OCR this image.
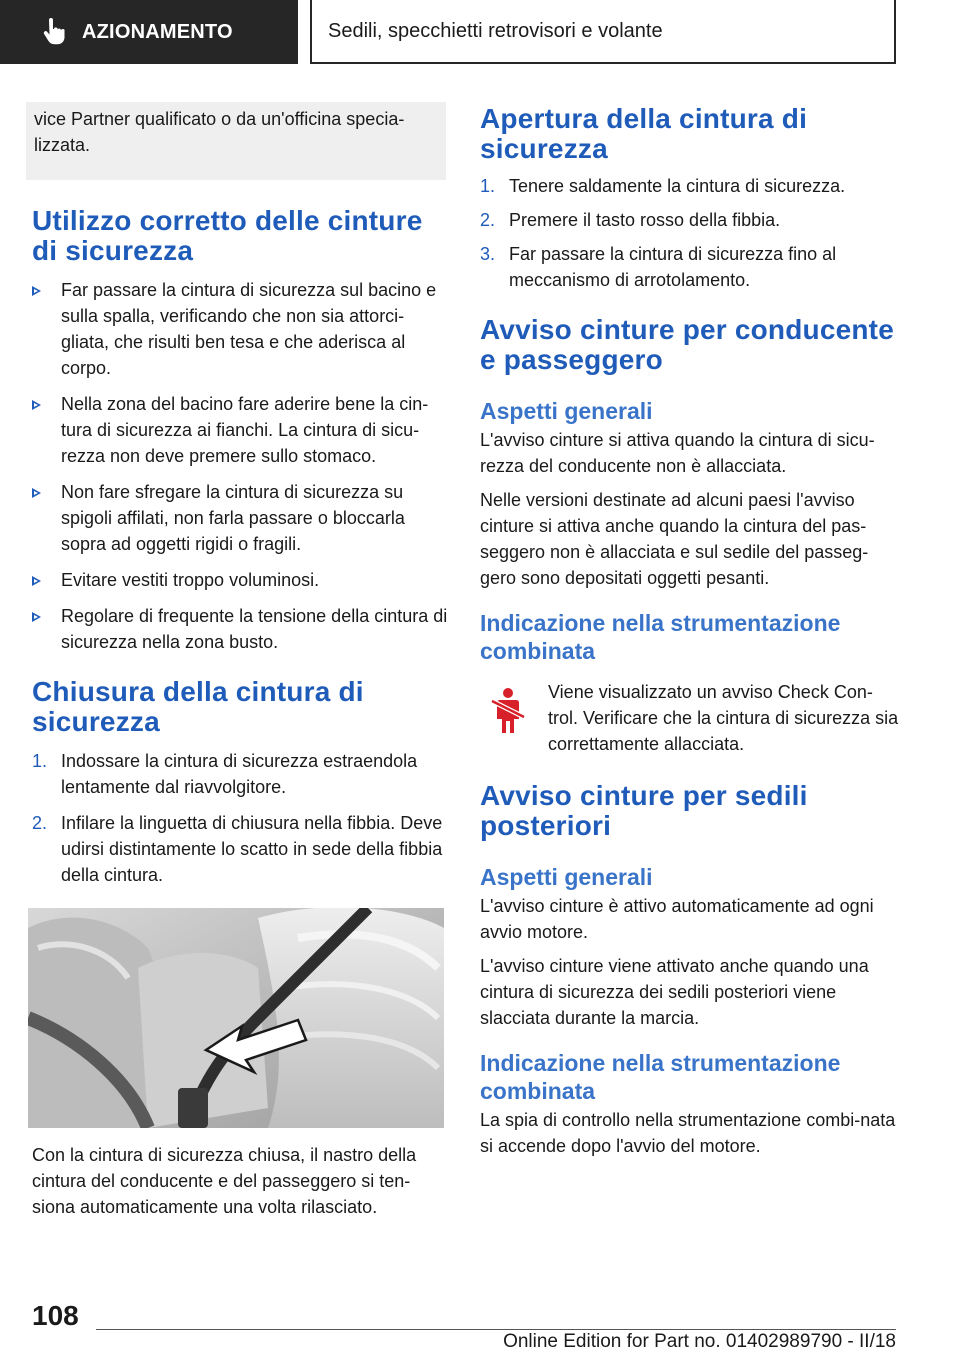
AZIONAMENTO	Sedili, specchietti retrovisori e volante

vice Partner qualificato o da un'officina specia-lizzata.

Utilizzo corretto delle cinture di sicurezza
Far passare la cintura di sicurezza sul bacino e sulla spalla, verificando che non sia attorci-gliata, che risulti ben tesa e che aderisca al corpo.
Nella zona del bacino fare aderire bene la cin-tura di sicurezza ai fianchi. La cintura di sicu-rezza non deve premere sullo stomaco.
Non fare sfregare la cintura di sicurezza su spigoli affilati, non farla passare o bloccarla sopra ad oggetti rigidi o fragili.
Evitare vestiti troppo voluminosi.
Regolare di frequente la tensione della cintura di sicurezza nella zona busto.
Chiusura della cintura di sicurezza
1. Indossare la cintura di sicurezza estraendola lentamente dal riavvolgitore.
2. Infilare la linguetta di chiusura nella fibbia. Deve udirsi distintamente lo scatto in sede della fibbia della cintura.

Con la cintura di sicurezza chiusa, il nastro della cintura del conducente e del passeggero si ten-siona automaticamente una volta rilasciato.

Apertura della cintura di sicurezza
1. Tenere saldamente la cintura di sicurezza.
2. Premere il tasto rosso della fibbia.
3. Far passare la cintura di sicurezza fino al meccanismo di arrotolamento.
Avviso cinture per conducente e passeggero
Aspetti generali

L'avviso cinture si attiva quando la cintura di sicu-rezza del conducente non è allacciata.

Nelle versioni destinate ad alcuni paesi l'avviso cinture si attiva anche quando la cintura del pas-seggero non è allacciata e sul sedile del passeg-gero sono depositati oggetti pesanti.

Indicazione nella strumentazione combinata

Viene visualizzato un avviso Check Con-trol. Verificare che la cintura di sicurezza sia correttamente allacciata.

Avviso cinture per sedili posteriori
Aspetti generali

L'avviso cinture è attivo automaticamente ad ogni avvio motore.

L'avviso cinture viene attivato anche quando una cintura di sicurezza dei sedili posteriori viene slacciata durante la marcia.

Indicazione nella strumentazione combinata

La spia di controllo nella strumentazione combi-nata si accende dopo l'avvio del motore.

108
Online Edition for Part no. 01402989790 - II/18
